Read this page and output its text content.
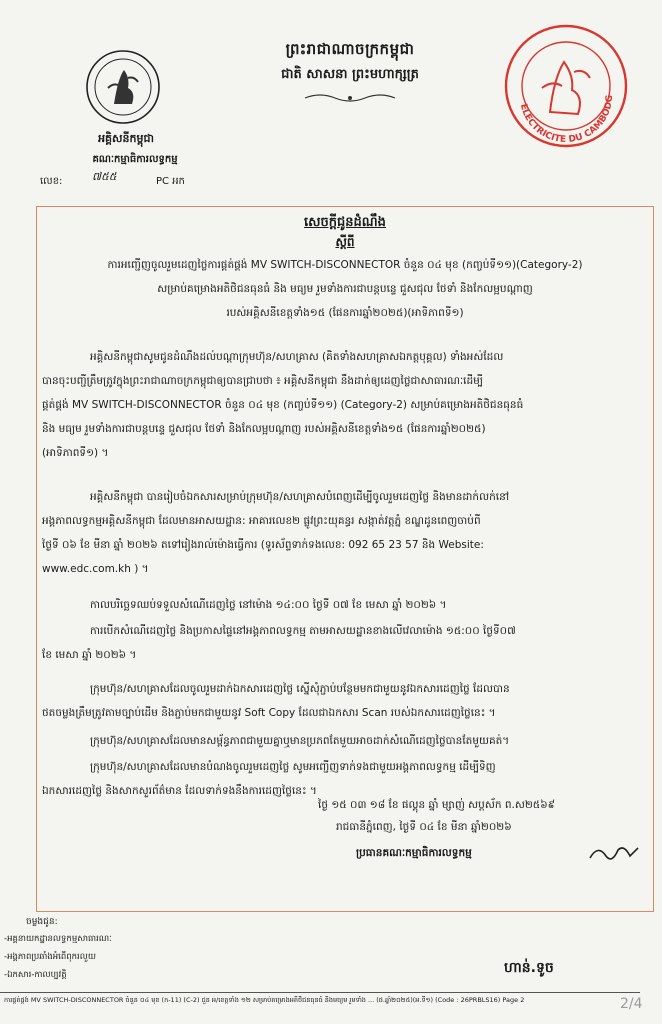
អគ្គិសនីកម្ពុជា
គណៈកម្មាធិការលទ្ធកម្ម
លេខ:	៧៥៥	PC អក
ព្រះរាជាណាចក្រកម្ពុជា
ជាតិ សាសនា ព្រះមហាក្សត្រ
ELECTRICITE DU CAMBODG
សេចក្តីជូនដំណឹង
ស្តីពី
ការអញ្ជើញចូលរួមដេញថ្លៃការផ្គត់ផ្គង់ MV SWITCH-DISCONNECTOR ចំនួន ០៤ មុខ (កញ្ចប់ទី១១)(Category-2)
សម្រាប់គម្រោងអតិថិជនធុនធំ និង មធ្យម រួមទាំងការជាបន្តបន្ទេ ជួសជុល ថែទាំ និងកែលម្អបណ្តាញ
របស់អគ្គិសនីខេត្តទាំង១៥ (ផែនការឆ្នាំ២០២៥)(អាទិភាពទី១)
អគ្គិសនីកម្ពុជាសូមជូនដំណឹងដល់បណ្តាក្រុមហ៊ុន/សហគ្រាស (គិតទាំងសហគ្រាសឯកត្តបុគ្គល) ទាំងអស់ដែល
បានចុះបញ្ជីត្រឹមត្រូវក្នុងព្រះរាជាណាចក្រកម្ពុជាឲ្យបានជ្រាបថា ៖ អគ្គិសនីកម្ពុជា នឹងដាក់ឲ្យដេញថ្លៃជាសាធារណៈដើម្បី
ផ្គត់ផ្គង់ MV SWITCH-DISCONNECTOR ចំនួន ០៤ មុខ (កញ្ចប់ទី១១) (Category-2) សម្រាប់គម្រោងអតិថិជនធុនធំ
និង មធ្យម រួមទាំងការជាបន្តបន្ទេ ជួសជុល ថែទាំ និងកែលម្អបណ្តាញ របស់អគ្គិសនីខេត្តទាំង១៥ (ផែនការឆ្នាំ២០២៥)
(អាទិភាពទី១) ។
អគ្គិសនីកម្ពុជា បានរៀបចំឯកសារសម្រាប់ក្រុមហ៊ុន/សហគ្រាសបំពេញដើម្បីចូលរួមដេញថ្លៃ និងមានដាក់លក់នៅ
អង្គភាពលទ្ធកម្មអគ្គិសនីកម្ពុជា ដែលមានអាសយដ្ឋាន: អាគារលេខ២ ផ្លូវព្រះយុគន្ធរ សង្កាត់វត្តភ្នំ ខណ្ឌដូនពេញចាប់ពី
ថ្ងៃទី ០៦ ខែ មីនា ឆ្នាំ ២០២៦ តទៅរៀងរាល់ម៉ោងធ្វើការ (ទូរស័ព្ទទាក់ទងលេខ: 092 65 23 57 និង Website:
www.edc.com.kh ) ។
កាលបរិច្ឆេទឈប់ទទួលសំណើដេញថ្លៃ នៅម៉ោង ១៤:០០ ថ្ងៃទី ០៧ ខែ មេសា ឆ្នាំ ២០២៦ ។
ការបើកសំណើដេញថ្លៃ និងប្រកាសផ្ទៃនៅអង្គភាពលទ្ធកម្ម តាមអាសយដ្ឋានខាងលើវេលាម៉ោង ១៥:០០ ថ្ងៃទី០៧
ខែ មេសា ឆ្នាំ ២០២៦ ។
ក្រុមហ៊ុន/សហគ្រាសដែលចូលរួមដាក់ឯកសារដេញថ្លៃ ស្នើសុំភ្ជាប់បន្ថែមមកជាមួយនូវឯកសារដេញថ្លៃ ដែលបាន
ថតចម្លងត្រឹមត្រូវតាមច្បាប់ដើម និងភ្ជាប់មកជាមួយនូវ Soft Copy ដែលជាឯកសារ Scan របស់ឯកសារដេញថ្លៃនេះ ។
ក្រុមហ៊ុន/សហគ្រាសដែលមានសម្ព័ន្ធភាពជាមួយគ្នាឬមានប្រភពតែមួយអាចដាក់សំណើដេញថ្លៃបានតែមួយគត់។
ក្រុមហ៊ុន/សហគ្រាសដែលមានបំណងចូលរួមដេញថ្លៃ សូមអញ្ជើញទាក់ទងជាមួយអង្គភាពលទ្ធកម្ម ដើម្បីទិញ
ឯកសារដេញថ្លៃ និងសាកសួរព័ត៌មាន ដែលទាក់ទងនឹងការដេញថ្លៃនេះ ។
ថ្ងៃ ១៥ ០៣ ១៨ ខែ ផល្គុន ឆ្នាំ ម្សាញ់ សប្តស័ក ព.ស២៥៦៩
រាជធានីភ្នំពេញ, ថ្ងៃទី ០៤ ខែ មីនា ឆ្នាំ២០២៦
ប្រធានគណៈកម្មាធិការលទ្ធកម្ម
ចម្លងជូន:
-អគ្គនាយកដ្ឋានលទ្ធកម្មសាធារណៈ
-អង្គភាពប្រឆាំងអំពើពុករលួយ
-ឯកសារ-កាលប្បវត្តិ	ហាន់.ទូច
ការផ្គត់ផ្គង់ MV SWITCH-DISCONNECTOR ចំនួន ០៤ មុខ (ក-11) (C-2) ជួន អ/ខេត្តទាំង ១២ សម្រាប់គម្រោងអតិថិជនធុនធំ និងមធ្យម រួមទាំង ... (ផ.ឆ្នាំ២០២៥)(អ.ទី១) (Code : 26PRBLS16) Page 2	2/4
